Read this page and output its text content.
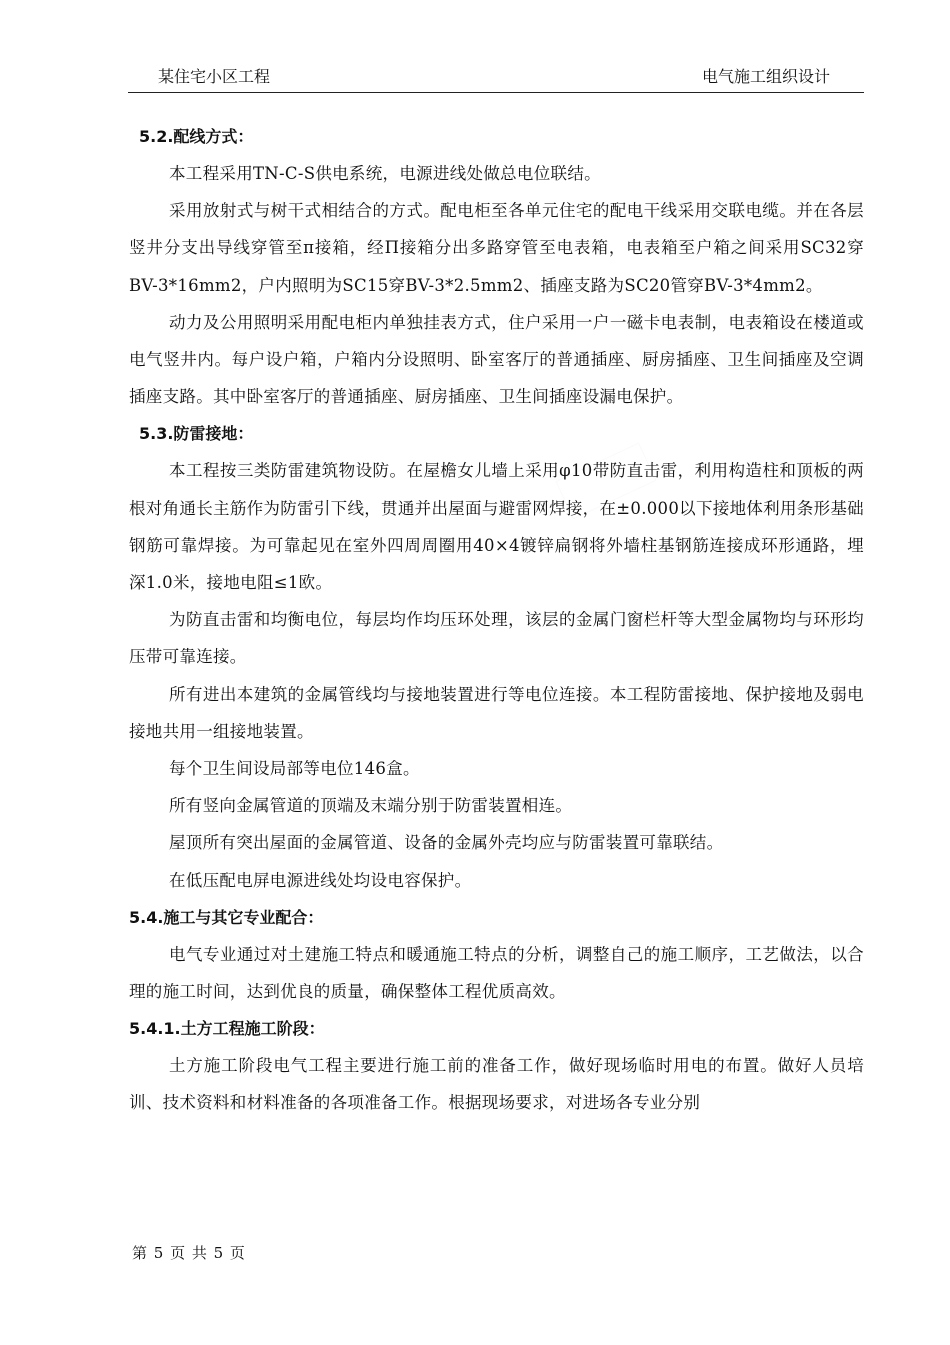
某住宅小区工程	电气施工组织设计
5.2.配线方式：
本工程采用TN-C-S供电系统，电源进线处做总电位联结。
采用放射式与树干式相结合的方式。配电柜至各单元住宅的配电干线采用交联电缆。并在各层竖井分支出导线穿管至π接箱，经Π接箱分出多路穿管至电表箱，电表箱至户箱之间采用SC32穿BV-3*16mm2，户内照明为SC15穿BV-3*2.5mm2、插座支路为SC20管穿BV-3*4mm2。
动力及公用照明采用配电柜内单独挂表方式，住户采用一户一磁卡电表制，电表箱设在楼道或电气竖井内。每户设户箱，户箱内分设照明、卧室客厅的普通插座、厨房插座、卫生间插座及空调插座支路。其中卧室客厅的普通插座、厨房插座、卫生间插座设漏电保护。
5.3.防雷接地：
本工程按三类防雷建筑物设防。在屋檐女儿墙上采用φ10带防直击雷，利用构造柱和顶板的两根对角通长主筋作为防雷引下线，贯通并出屋面与避雷网焊接，在±0.000以下接地体利用条形基础钢筋可靠焊接。为可靠起见在室外四周周圈用40×4镀锌扁钢将外墙柱基钢筋连接成环形通路，埋深1.0米，接地电阻≤1欧。
为防直击雷和均衡电位，每层均作均压环处理，该层的金属门窗栏杆等大型金属物均与环形均压带可靠连接。
所有进出本建筑的金属管线均与接地装置进行等电位连接。本工程防雷接地、保护接地及弱电接地共用一组接地装置。
每个卫生间设局部等电位146盒。
所有竖向金属管道的顶端及末端分别于防雷装置相连。
屋顶所有突出屋面的金属管道、设备的金属外壳均应与防雷装置可靠联结。
在低压配电屏电源进线处均设电容保护。
5.4.施工与其它专业配合：
电气专业通过对土建施工特点和暖通施工特点的分析，调整自己的施工顺序，工艺做法，以合理的施工时间，达到优良的质量，确保整体工程优质高效。
5.4.1.土方工程施工阶段：
土方施工阶段电气工程主要进行施工前的准备工作，做好现场临时用电的布置。做好人员培训、技术资料和材料准备的各项准备工作。根据现场要求，对进场各专业分别
第 5 页 共 5 页
